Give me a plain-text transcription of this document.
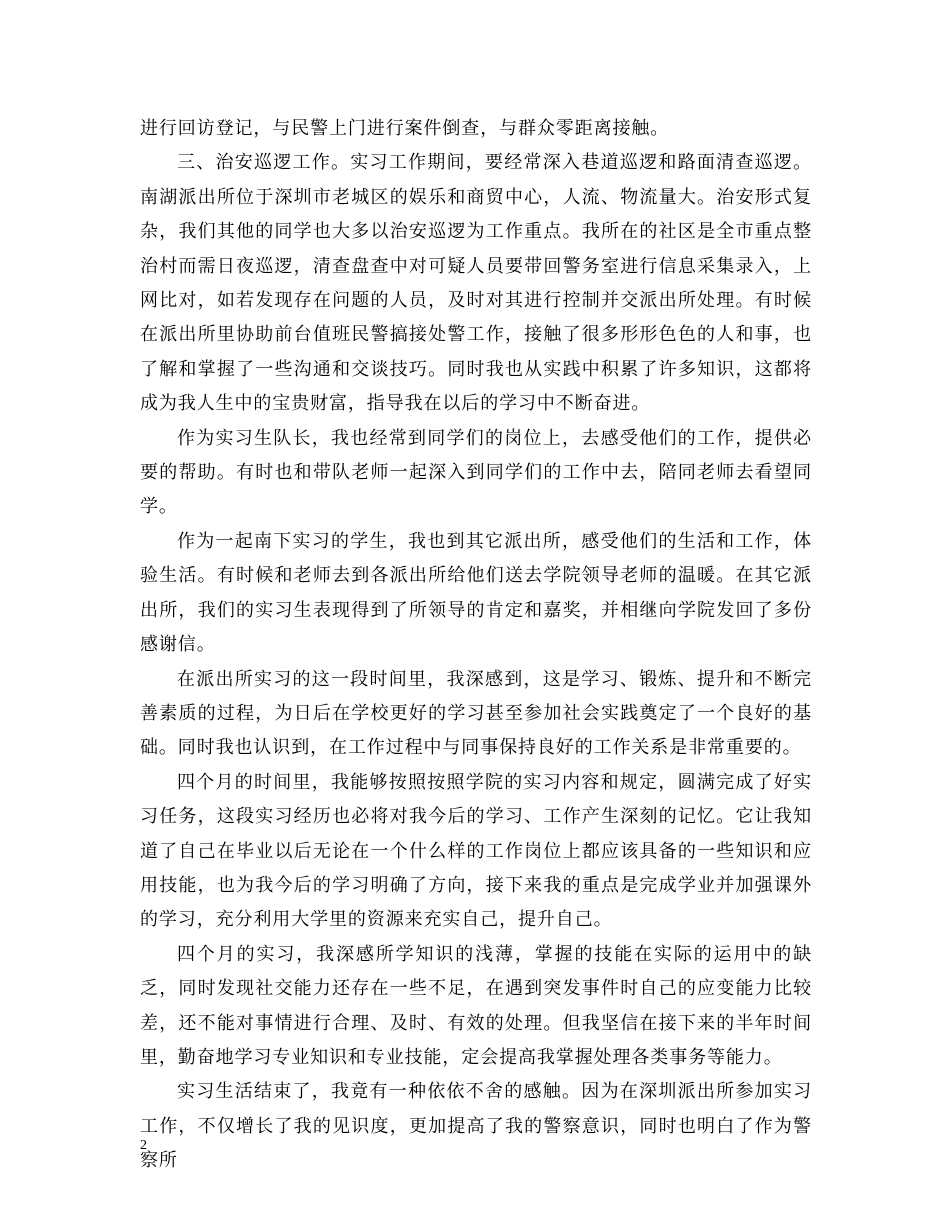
进行回访登记，与民警上门进行案件倒查，与群众零距离接触。

三、治安巡逻工作。实习工作期间，要经常深入巷道巡逻和路面清查巡逻。南湖派出所位于深圳市老城区的娱乐和商贸中心，人流、物流量大。治安形式复杂，我们其他的同学也大多以治安巡逻为工作重点。我所在的社区是全市重点整治村而需日夜巡逻，清查盘查中对可疑人员要带回警务室进行信息采集录入，上网比对，如若发现存在问题的人员，及时对其进行控制并交派出所处理。有时候在派出所里协助前台值班民警搞接处警工作，接触了很多形形色色的人和事，也了解和掌握了一些沟通和交谈技巧。同时我也从实践中积累了许多知识，这都将成为我人生中的宝贵财富，指导我在以后的学习中不断奋进。

作为实习生队长，我也经常到同学们的岗位上，去感受他们的工作，提供必要的帮助。有时也和带队老师一起深入到同学们的工作中去，陪同老师去看望同学。

作为一起南下实习的学生，我也到其它派出所，感受他们的生活和工作，体验生活。有时候和老师去到各派出所给他们送去学院领导老师的温暖。在其它派出所，我们的实习生表现得到了所领导的肯定和嘉奖，并相继向学院发回了多份感谢信。

在派出所实习的这一段时间里，我深感到，这是学习、锻炼、提升和不断完善素质的过程，为日后在学校更好的学习甚至参加社会实践奠定了一个良好的基础。同时我也认识到，在工作过程中与同事保持良好的工作关系是非常重要的。

四个月的时间里，我能够按照按照学院的实习内容和规定，圆满完成了好实习任务，这段实习经历也必将对我今后的学习、工作产生深刻的记忆。它让我知道了自己在毕业以后无论在一个什么样的工作岗位上都应该具备的一些知识和应用技能，也为我今后的学习明确了方向，接下来我的重点是完成学业并加强课外的学习，充分利用大学里的资源来充实自己，提升自己。

四个月的实习，我深感所学知识的浅薄，掌握的技能在实际的运用中的缺乏，同时发现社交能力还存在一些不足，在遇到突发事件时自己的应变能力比较差，还不能对事情进行合理、及时、有效的处理。但我坚信在接下来的半年时间里，勤奋地学习专业知识和专业技能，定会提高我掌握处理各类事务等能力。

实习生活结束了，我竟有一种依依不舍的感触。因为在深圳派出所参加实习工作，不仅增长了我的见识度，更加提高了我的警察意识，同时也明白了作为警察所

2
